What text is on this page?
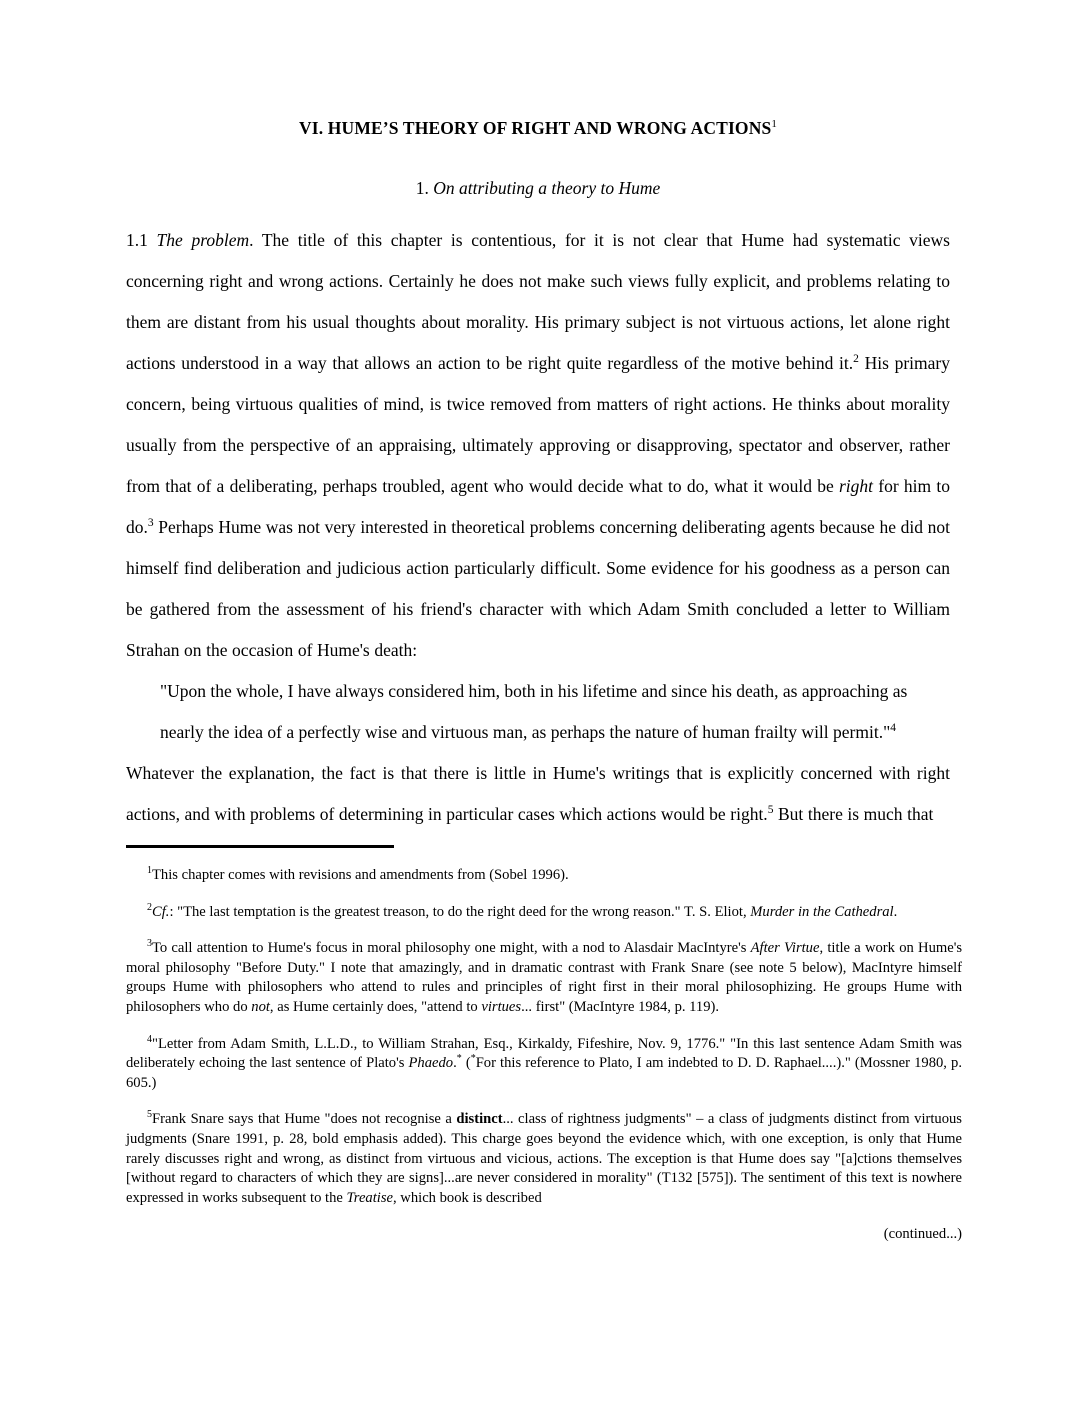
VI. HUME’S THEORY OF RIGHT AND WRONG ACTIONS$^1$
1. On attributing a theory to Hume

1.1 The problem. The title of this chapter is contentious, for it is not clear that Hume had systematic views concerning right and wrong actions. Certainly he does not make such views fully explicit, and problems relating to them are distant from his usual thoughts about morality. His primary subject is not virtuous actions, let alone right actions understood in a way that allows an action to be right quite regardless of the motive behind it.$^2$ His primary concern, being virtuous qualities of mind, is twice removed from matters of right actions. He thinks about morality usually from the perspective of an appraising, ultimately approving or disapproving, spectator and observer, rather from that of a deliberating, perhaps troubled, agent who would decide what to do, what it would be right for him to do.$^3$ Perhaps Hume was not very interested in theoretical problems concerning deliberating agents because he did not himself find deliberation and judicious action particularly difficult. Some evidence for his goodness as a person can be gathered from the assessment of his friend's character with which Adam Smith concluded a letter to William Strahan on the occasion of Hume's death:

"Upon the whole, I have always considered him, both in his lifetime and since his death, as approaching as nearly the idea of a perfectly wise and virtuous man, as perhaps the nature of human frailty will permit."$^4$

Whatever the explanation, the fact is that there is little in Hume's writings that is explicitly concerned with right actions, and with problems of determining in particular cases which actions would be right.$^5$ But there is much that

$^1$This chapter comes with revisions and amendments from (Sobel 1996).

$^2$Cf.: "The last temptation is the greatest treason, to do the right deed for the wrong reason." T. S. Eliot, Murder in the Cathedral.

$^3$To call attention to Hume's focus in moral philosophy one might, with a nod to Alasdair MacIntyre's After Virtue, title a work on Hume's moral philosophy "Before Duty." I note that amazingly, and in dramatic contrast with Frank Snare (see note 5 below), MacIntyre himself groups Hume with philosophers who attend to rules and principles of right first in their moral philosophizing. He groups Hume with philosophers who do not, as Hume certainly does, "attend to virtues... first" (MacIntyre 1984, p. 119).

$^4$"Letter from Adam Smith, L.L.D., to William Strahan, Esq., Kirkaldy, Fifeshire, Nov. 9, 1776." "In this last sentence Adam Smith was deliberately echoing the last sentence of Plato's Phaedo.* (*For this reference to Plato, I am indebted to D. D. Raphael....)." (Mossner 1980, p. 605.)

$^5$Frank Snare says that Hume "does not recognise a distinct... class of rightness judgments" – a class of judgments distinct from virtuous judgments (Snare 1991, p. 28, bold emphasis added). This charge goes beyond the evidence which, with one exception, is only that Hume rarely discusses right and wrong, as distinct from virtuous and vicious, actions. The exception is that Hume does say "[a]ctions themselves [without regard to characters of which they are signs]...are never considered in morality" (T132 [575]). The sentiment of this text is nowhere expressed in works subsequent to the Treatise, which book is described

(continued...)
